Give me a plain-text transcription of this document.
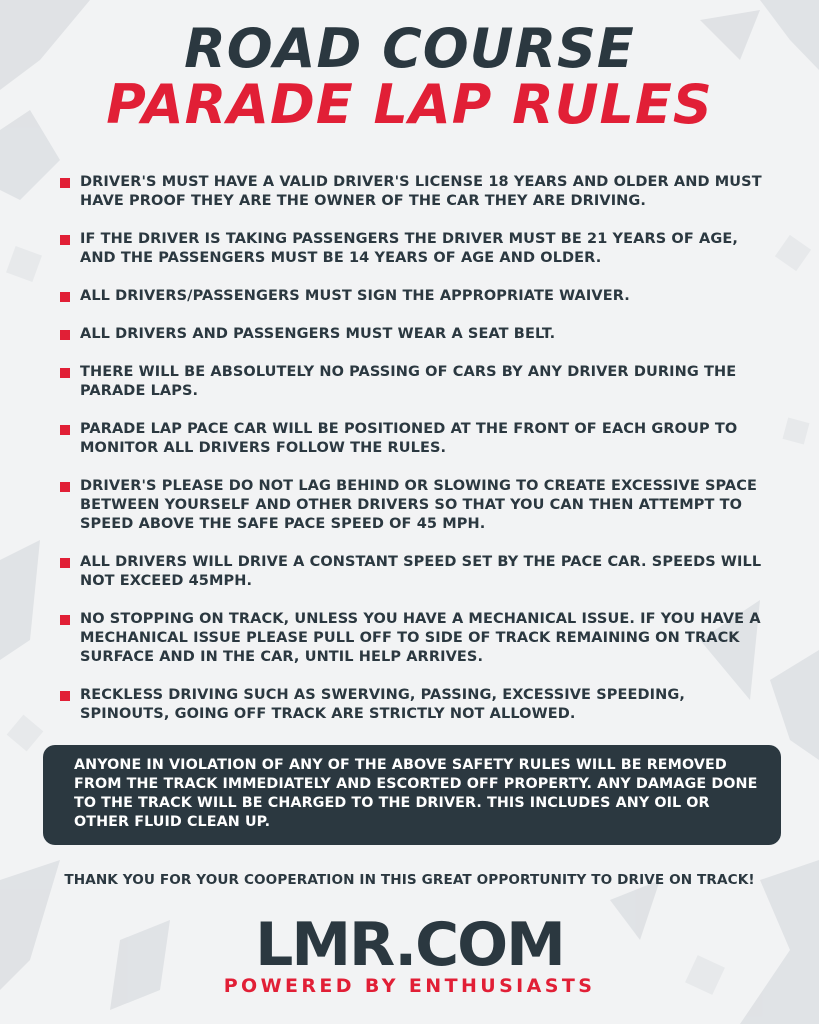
ROAD COURSE
PARADE LAP RULES
DRIVER'S MUST HAVE A VALID DRIVER'S LICENSE 18 YEARS AND OLDER AND MUST HAVE PROOF THEY ARE THE OWNER OF THE CAR THEY ARE DRIVING.
IF THE DRIVER IS TAKING PASSENGERS THE DRIVER MUST BE 21 YEARS OF AGE, AND THE PASSENGERS MUST BE 14 YEARS OF AGE AND OLDER.
ALL DRIVERS/PASSENGERS MUST SIGN THE APPROPRIATE WAIVER.
ALL DRIVERS AND PASSENGERS MUST WEAR A SEAT BELT.
THERE WILL BE ABSOLUTELY NO PASSING OF CARS BY ANY DRIVER DURING THE PARADE LAPS.
PARADE LAP PACE CAR WILL BE POSITIONED AT THE FRONT OF EACH GROUP TO MONITOR ALL DRIVERS FOLLOW THE RULES.
DRIVER'S PLEASE DO NOT LAG BEHIND OR SLOWING TO CREATE EXCESSIVE SPACE BETWEEN YOURSELF AND OTHER DRIVERS SO THAT YOU CAN THEN ATTEMPT TO SPEED ABOVE THE SAFE PACE SPEED OF 45 MPH.
ALL DRIVERS WILL DRIVE A CONSTANT SPEED SET BY THE PACE CAR. SPEEDS WILL NOT EXCEED 45MPH.
NO STOPPING ON TRACK, UNLESS YOU HAVE A MECHANICAL ISSUE. IF YOU HAVE A MECHANICAL ISSUE PLEASE PULL OFF TO SIDE OF TRACK REMAINING ON TRACK SURFACE AND IN THE CAR, UNTIL HELP ARRIVES.
RECKLESS DRIVING SUCH AS SWERVING, PASSING, EXCESSIVE SPEEDING, SPINOUTS, GOING OFF TRACK ARE STRICTLY NOT ALLOWED.
ANYONE IN VIOLATION OF ANY OF THE ABOVE SAFETY RULES WILL BE REMOVED FROM THE TRACK IMMEDIATELY AND ESCORTED OFF PROPERTY. ANY DAMAGE DONE TO THE TRACK WILL BE CHARGED TO THE DRIVER. THIS INCLUDES ANY OIL OR OTHER FLUID CLEAN UP.
THANK YOU FOR YOUR COOPERATION IN THIS GREAT OPPORTUNITY TO DRIVE ON TRACK!
LMR.COM
POWERED BY ENTHUSIASTS
